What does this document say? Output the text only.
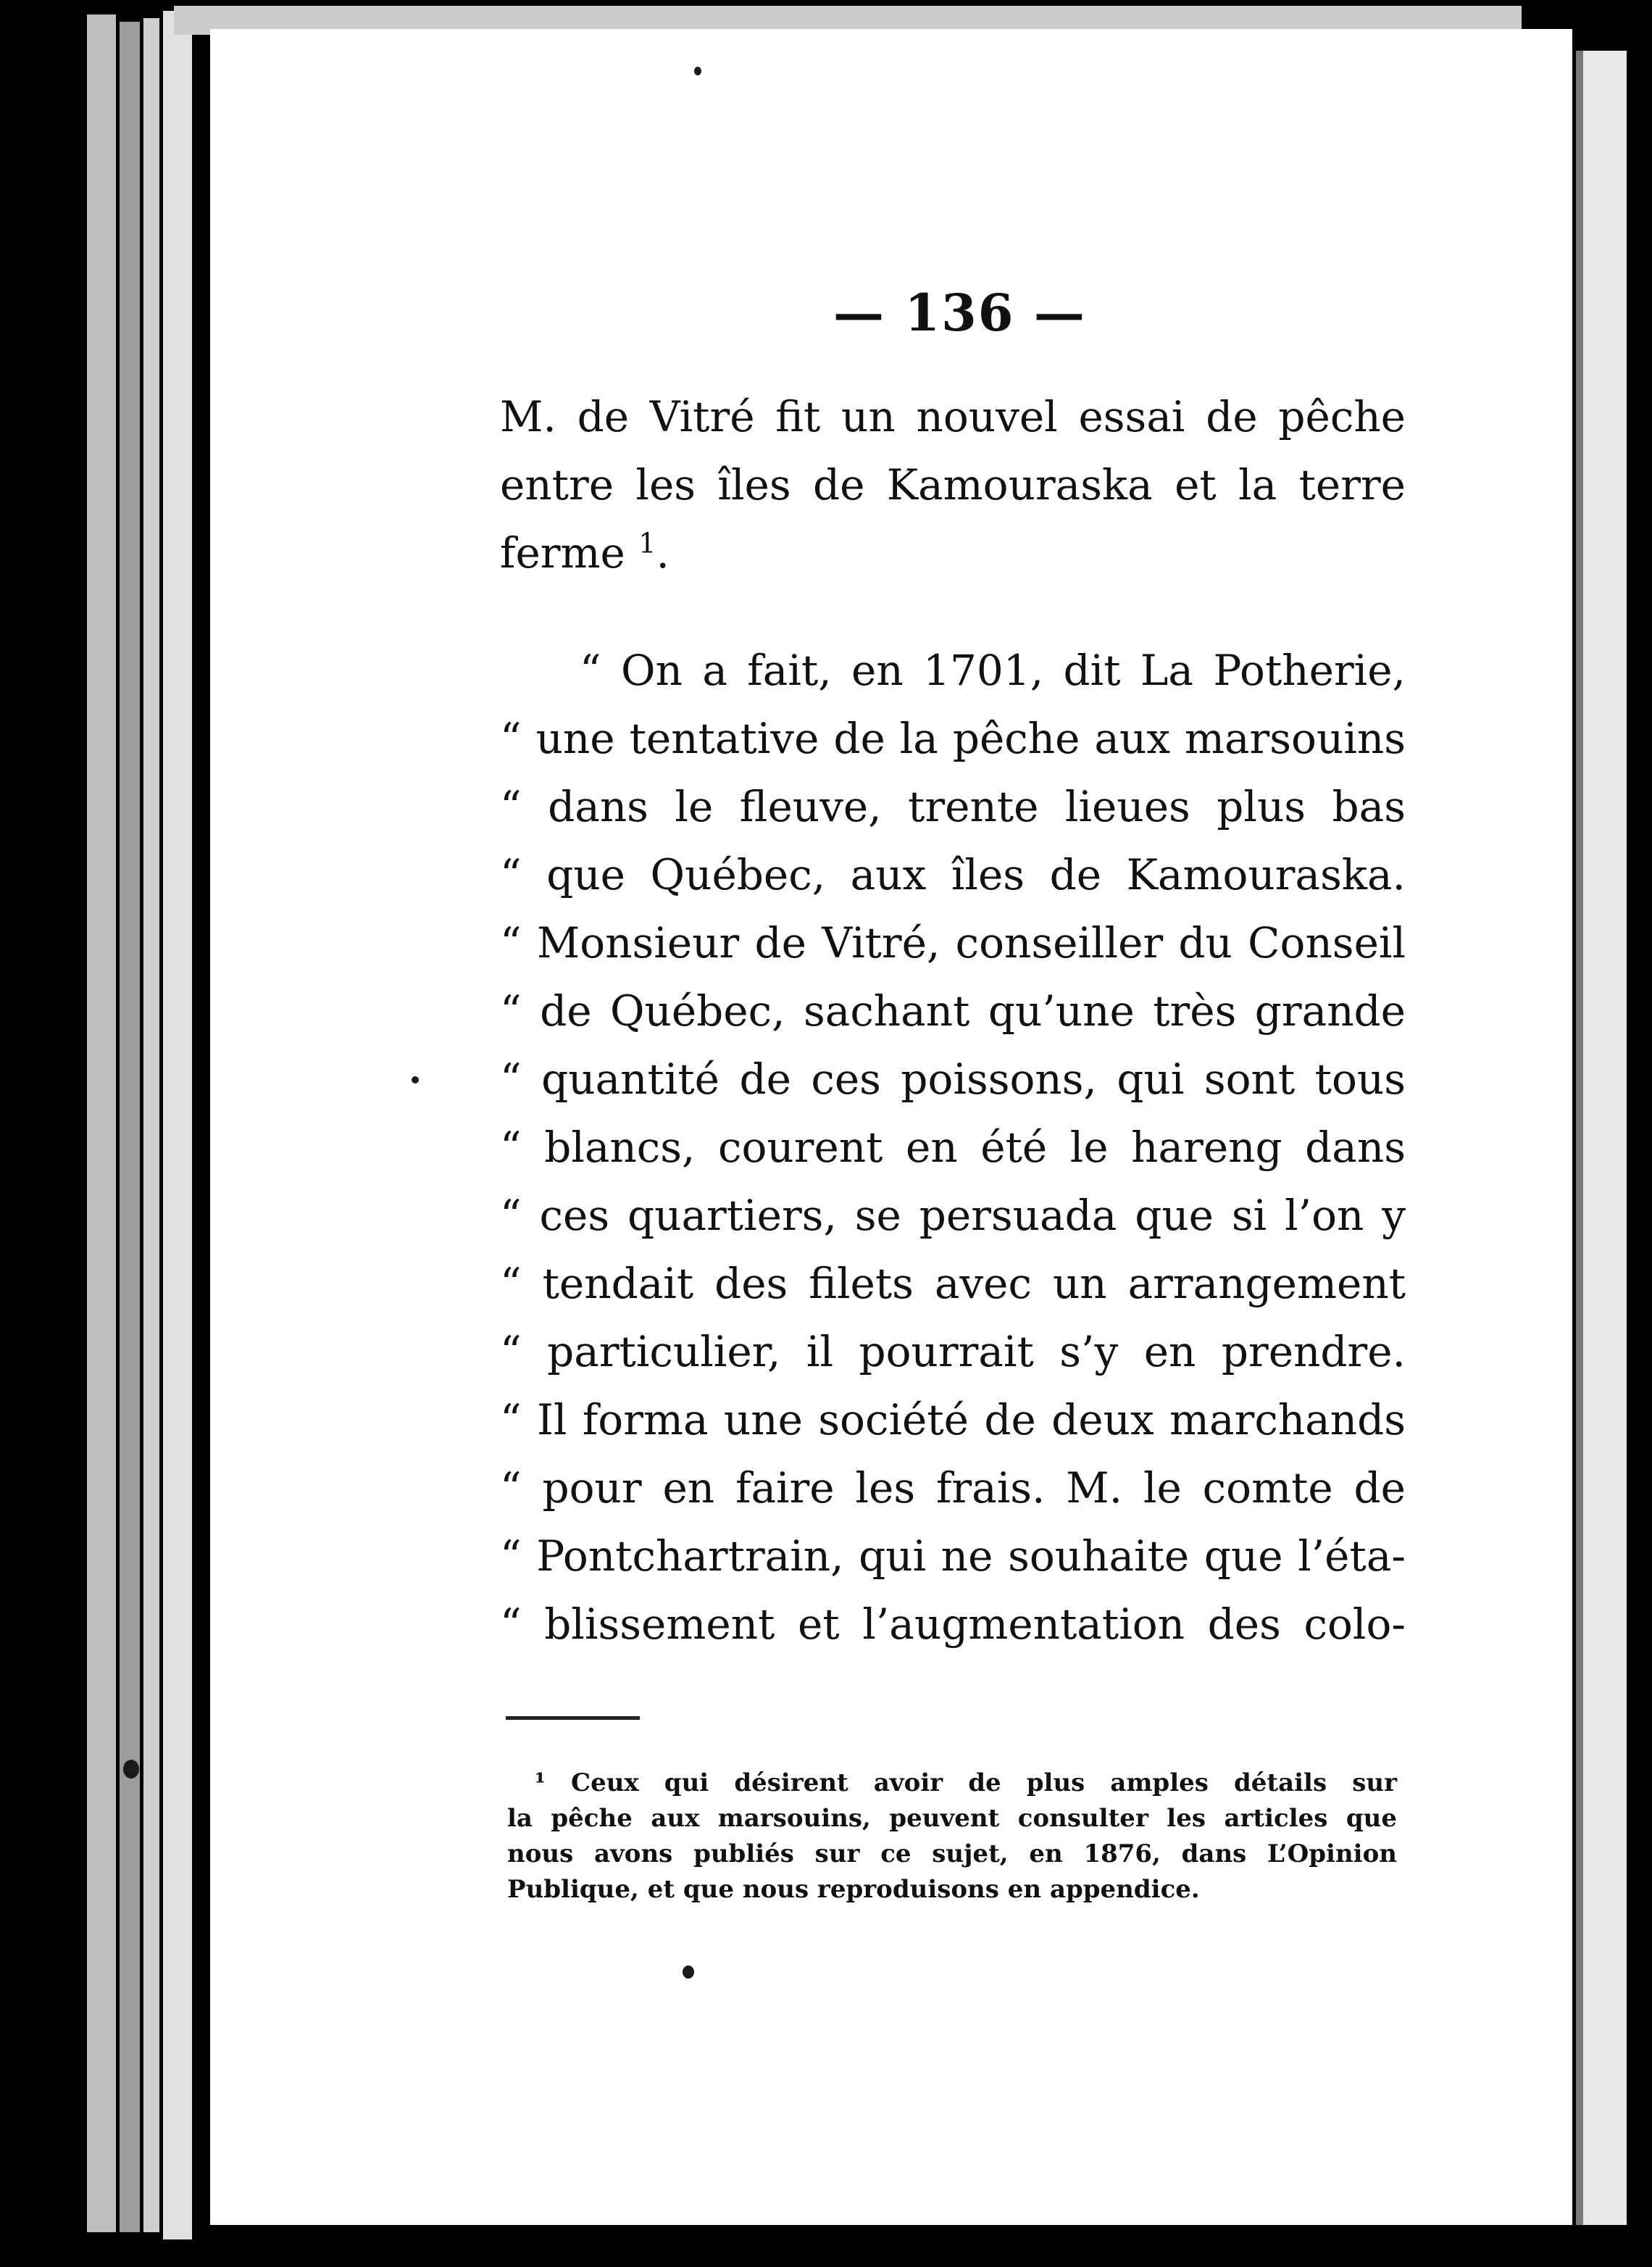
— 136 —
M. de Vitré fit un nouvel essai de pêche
entre les îles de Kamouraska et la terre
ferme $^1$.
“ On a fait, en 1701, dit La Potherie,
“ une tentative de la pêche aux marsouins
“ dans le fleuve, trente lieues plus bas
“ que Québec, aux îles de Kamouraska.
“ Monsieur de Vitré, conseiller du Conseil
“ de Québec, sachant qu’une très grande
“ quantité de ces poissons, qui sont tous
“ blancs, courent en été le hareng dans
“ ces quartiers, se persuada que si l’on y
“ tendait des filets avec un arrangement
“ particulier, il pourrait s’y en prendre.
“ Il forma une société de deux marchands
“ pour en faire les frais. M. le comte de
“ Pontchartrain, qui ne souhaite que l’éta-
“ blissement et l’augmentation des colo-
¹ Ceux qui désirent avoir de plus amples détails sur
la pêche aux marsouins, peuvent consulter les articles que
nous avons publiés sur ce sujet, en 1876, dans L’Opinion
Publique, et que nous reproduisons en appendice.
